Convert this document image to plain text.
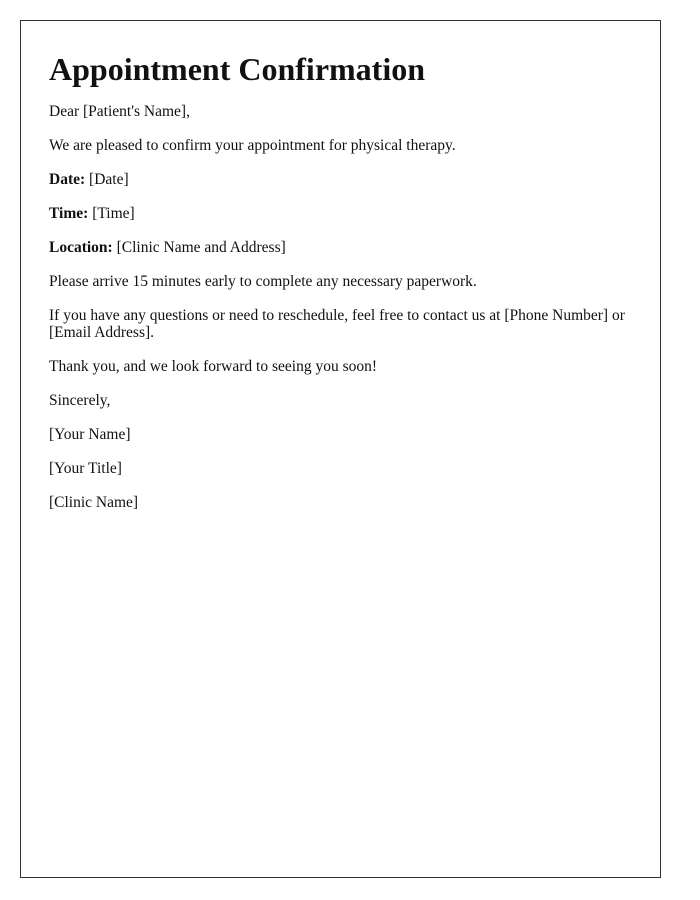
Appointment Confirmation

Dear [Patient's Name],

We are pleased to confirm your appointment for physical therapy.

Date: [Date]

Time: [Time]

Location: [Clinic Name and Address]

Please arrive 15 minutes early to complete any necessary paperwork.

If you have any questions or need to reschedule, feel free to contact us at [Phone Number] or [Email Address].

Thank you, and we look forward to seeing you soon!

Sincerely,

[Your Name]

[Your Title]

[Clinic Name]
